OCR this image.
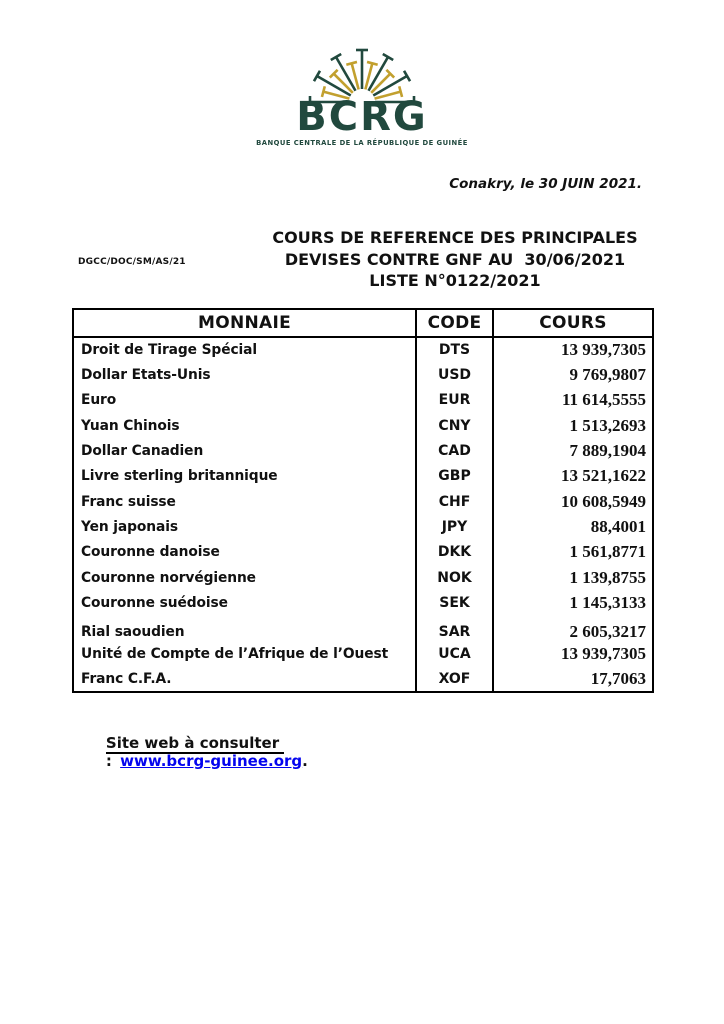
BCRG
BANQUE CENTRALE DE LA RÉPUBLIQUE DE GUINÉE
Conakry, le 30 JUIN 2021.
DGCC/DOC/SM/AS/21
COURS DE REFERENCE DES PRINCIPALES
DEVISES CONTRE GNF AU  30/06/2021
LISTE N°0122/2021
MONNAIE	CODE	COURS
Droit de Tirage Spécial	DTS	13 939,7305
Dollar Etats-Unis	USD	9 769,9807
Euro	EUR	11 614,5555
Yuan Chinois	CNY	1 513,2693
Dollar Canadien	CAD	7 889,1904
Livre sterling britannique	GBP	13 521,1622
Franc suisse	CHF	10 608,5949
Yen japonais	JPY	88,4001
Couronne danoise	DKK	1 561,8771
Couronne norvégienne	NOK	1 139,8755
Couronne suédoise	SEK	1 145,3133
Rial saoudien	SAR	2 605,3217
Unité de Compte de l’Afrique de l’Ouest	UCA	13 939,7305
Franc C.F.A.	XOF	17,7063

Site web à consulter
: www.bcrg-guinee.org.
